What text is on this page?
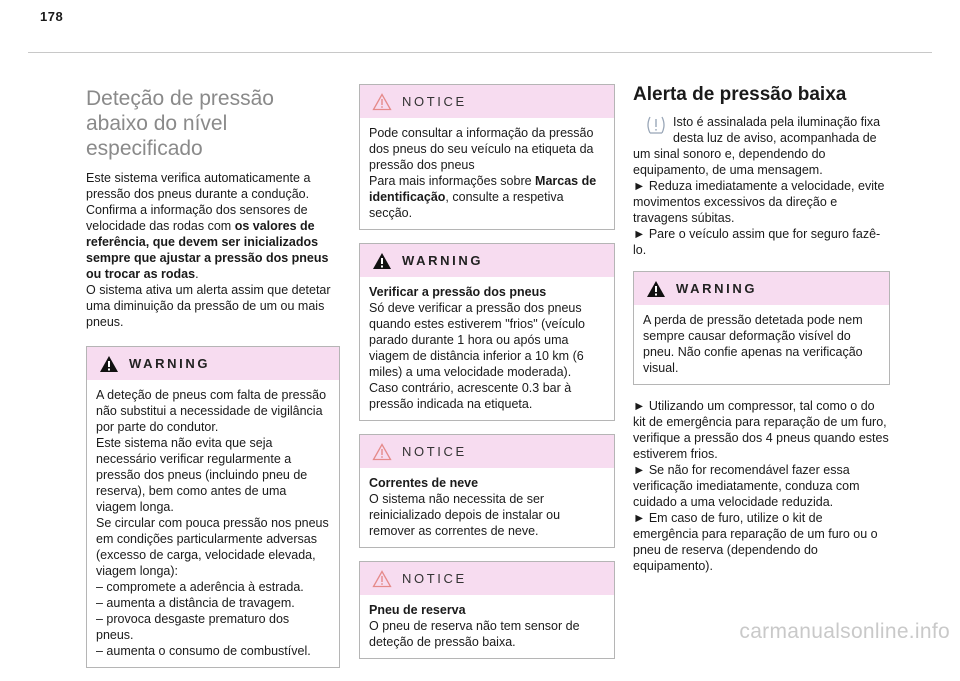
178
Deteção de pressão abaixo do nível especificado

Este sistema verifica automaticamente a pressão dos pneus durante a condução.
Confirma a informação dos sensores de velocidade das rodas com os valores de referência, que devem ser inicializados sempre que ajustar a pressão dos pneus ou trocar as rodas.
O sistema ativa um alerta assim que detetar uma diminuição da pressão de um ou mais pneus.

WARNING

A deteção de pneus com falta de pressão não substitui a necessidade de vigilância por parte do condutor.

Este sistema não evita que seja necessário verificar regularmente a pressão dos pneus (incluindo pneu de reserva), bem como antes de uma viagem longa.

Se circular com pouca pressão nos pneus em condições particularmente adversas (excesso de carga, velocidade elevada, viagem longa):

– compromete a aderência à estrada.

– aumenta a distância de travagem.

– provoca desgaste prematuro dos pneus.

– aumenta o consumo de combustível.

NOTICE

Pode consultar a informação da pressão dos pneus do seu veículo na etiqueta da pressão dos pneus

Para mais informações sobre Marcas de identificação, consulte a respetiva secção.

WARNING

Verificar a pressão dos pneus

Só deve verificar a pressão dos pneus quando estes estiverem "frios" (veículo parado durante 1 hora ou após uma viagem de distância inferior a 10 km (6 miles) a uma velocidade moderada).

Caso contrário, acrescente 0.3 bar à pressão indicada na etiqueta.

NOTICE

Correntes de neve

O sistema não necessita de ser reinicializado depois de instalar ou remover as correntes de neve.

NOTICE

Pneu de reserva

O pneu de reserva não tem sensor de deteção de pressão baixa.

Alerta de pressão baixa

Isto é assinalada pela iluminação fixa desta luz de aviso, acompanhada de um sinal sonoro e, dependendo do equipamento, de uma mensagem.

► Reduza imediatamente a velocidade, evite movimentos excessivos da direção e travagens súbitas.

► Pare o veículo assim que for seguro fazê-lo.

WARNING

A perda de pressão detetada pode nem sempre causar deformação visível do pneu. Não confie apenas na verificação visual.

► Utilizando um compressor, tal como o do kit de emergência para reparação de um furo, verifique a pressão dos 4 pneus quando estes estiverem frios.

► Se não for recomendável fazer essa verificação imediatamente, conduza com cuidado a uma velocidade reduzida.

► Em caso de furo, utilize o kit de emergência para reparação de um furo ou o pneu de reserva (dependendo do equipamento).

carmanualsonline.info
